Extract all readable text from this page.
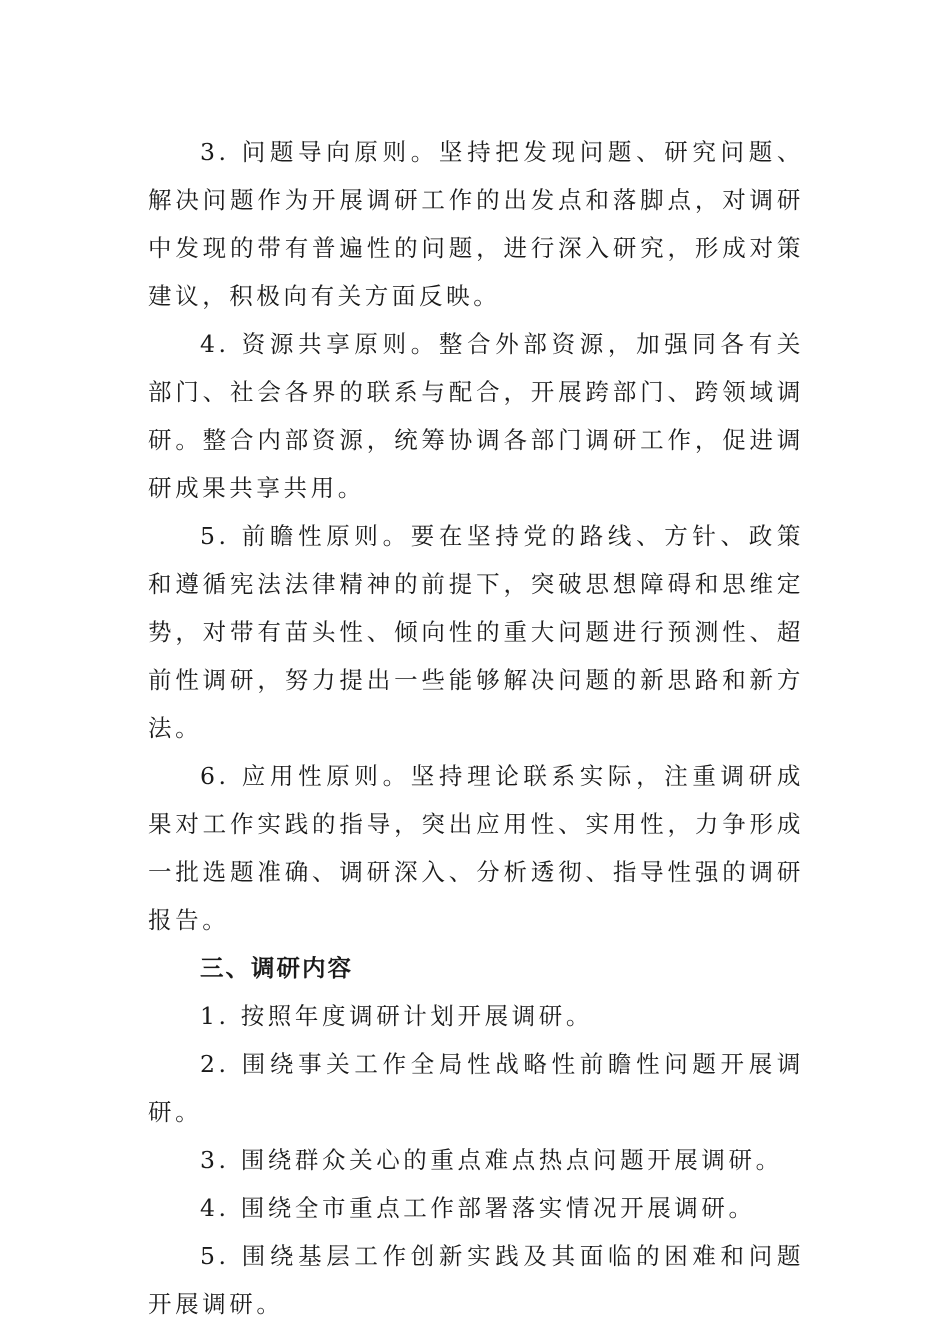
3. 问题导向原则。坚持把发现问题、研究问题、解决问题作为开展调研工作的出发点和落脚点，对调研中发现的带有普遍性的问题，进行深入研究，形成对策建议，积极向有关方面反映。

4. 资源共享原则。整合外部资源，加强同各有关部门、社会各界的联系与配合，开展跨部门、跨领域调研。整合内部资源，统筹协调各部门调研工作，促进调研成果共享共用。

5. 前瞻性原则。要在坚持党的路线、方针、政策和遵循宪法法律精神的前提下，突破思想障碍和思维定势，对带有苗头性、倾向性的重大问题进行预测性、超前性调研，努力提出一些能够解决问题的新思路和新方法。

6. 应用性原则。坚持理论联系实际，注重调研成果对工作实践的指导，突出应用性、实用性，力争形成一批选题准确、调研深入、分析透彻、指导性强的调研报告。

三、调研内容

1. 按照年度调研计划开展调研。

2. 围绕事关工作全局性战略性前瞻性问题开展调研。

3. 围绕群众关心的重点难点热点问题开展调研。

4. 围绕全市重点工作部署落实情况开展调研。

5. 围绕基层工作创新实践及其面临的困难和问题开展调研。
